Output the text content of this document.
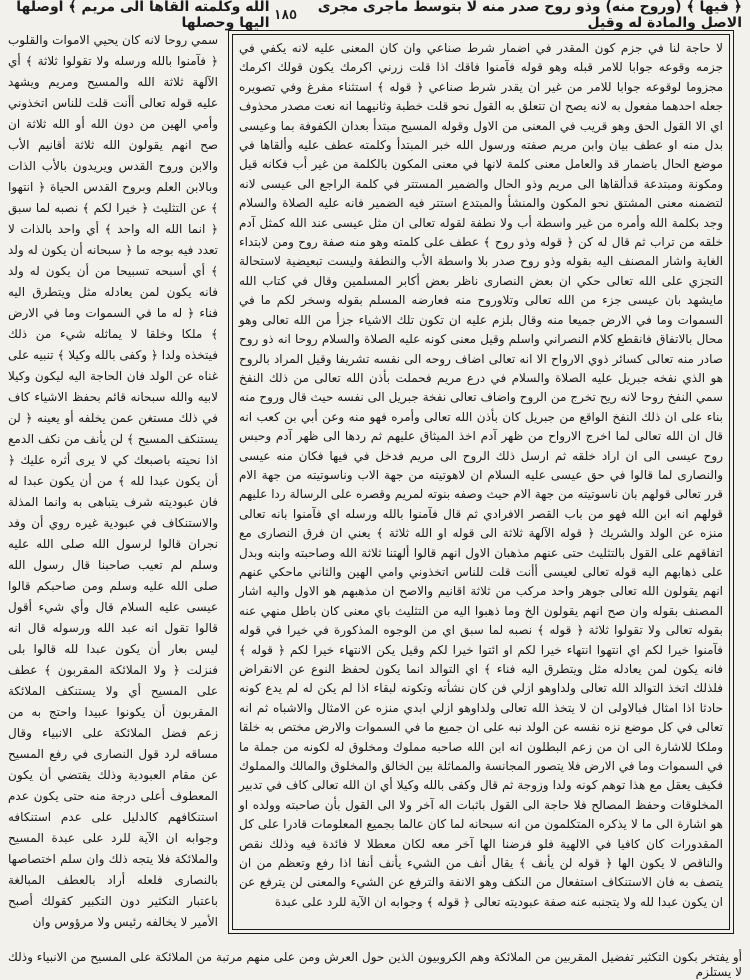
﴿ فيها ﴾ (وروح منه) وذو روح صدر منه لا بتوسط ماجرى مجرى الاصل والمادة له وقيل
١٨٥
الله وكلمته ألقاها الى مريم ﴾ أوصلها اليها وحصلها

سمي روحا لانه كان يحيي الاموات والقلوب ﴿ فآمنوا بالله ورسله ولا تقولوا ثلاثة ﴾ أي الآلهة ثلاثة الله والمسيح ومريم ويشهد عليه قوله تعالى أأنت قلت للناس اتخذوني وأمي الهين من دون الله أو الله ثلاثة ان صح انهم يقولون الله ثلاثة أقانيم الأب والابن وروح القدس ويريدون بالأب الذات وبالابن العلم وبروح القدس الحياة ﴿ انتهوا ﴾ عن التثليث ﴿ خيرا لكم ﴾ نصبه لما سبق ﴿ انما الله اله واحد ﴾ أي واحد بالذات لا تعدد فيه بوجه ما ﴿ سبحانه أن يكون له ولد ﴾ أي أسبحه تسبيحا من أن يكون له ولد فانه يكون لمن يعادله مثل ويتطرق اليه فناء ﴿ له ما في السموات وما في الارض ﴾ ملكا وخلقا لا يماثله شيء من ذلك فيتخذه ولدا ﴿ وكفى بالله وكيلا ﴾ تنبيه على غناه عن الولد فان الحاجة اليه ليكون وكيلا لابيه والله سبحانه قائم بحفظ الاشياء كاف في ذلك مستغن عمن يخلفه أو يعينه ﴿ لن يستنكف المسيح ﴾ لن يأنف من نكف الدمع اذا نحيته باصبعك كي لا يرى أثره عليك ﴿ أن يكون عبدا لله ﴾ من أن يكون عبدا له فان عبوديته شرف يتباهى به وانما المذلة والاستنكاف في عبودية غيره روي أن وفد نجران قالوا لرسول الله صلى الله عليه وسلم لم تعيب صاحبنا قال رسول الله صلى الله عليه وسلم ومن صاحبكم قالوا عيسى عليه السلام قال وأي شيء أقول قالوا تقول انه عبد الله ورسوله قال انه ليس بعار أن يكون عبدا لله قالوا بلى فنزلت ﴿ ولا الملائكة المقربون ﴾ عطف على المسيح أي ولا يستنكف الملائكة المقربون أن يكونوا عبيدا واحتج به من زعم فضل الملائكة على الانبياء وقال مساقه لرد قول النصارى في رفع المسيح عن مقام العبودية وذلك يقتضي أن يكون المعطوف أعلى درجة منه حتى يكون عدم استنكافهم كالدليل على عدم استنكافه وجوابه ان الآية للرد على عبدة المسيح والملائكة فلا يتجه ذلك وان سلم اختصاصها بالنصارى فلعله أراد بالعطف المبالغة باعتبار التكثير دون التكبير كقولك أصبح الأمير لا يخالفه رئيس ولا مرؤوس وان

لا حاجة لنا في جزم كون المقدر في اضمار شرط صناعي وان كان المعنى عليه لانه يكفي في جزمه وقوعه جوابا للامر قبله وهو قوله فآمنوا فاقك اذا قلت زرني اكرمك يكون قولك اكرمك مجزوما لوقوعه جوابا للامر من غير ان يقدر شرط صناعي ﴿ قوله ﴾ استثناء مفرغ وفي تصويره جعله احدهما مفعول به لانه يصح ان تتعلق به القول نحو قلت خطبة وثانيهما انه نعت مصدر محذوف اي الا القول الحق وهو قريب في المعنى من الاول وقوله المسيح مبتدأ بعدان الكفوفة بما وعيسى بدل منه او عطف بيان وابن مريم صفته ورسول الله خبر المبتدأ وكلمته عطف عليه وألقاها في موضع الحال باضمار قد والعامل معنى كلمة لانها في معنى المكون بالكلمة من غير أب فكانه قيل ومكونة ومبتدعة قدألقاها الى مريم وذو الحال والضمير المستتر في كلمة الراجع الى عيسى لانه لتضمنه معنى المشتق نحو المكون والمنشأ والمبتدع استتر فيه الضمير فانه عليه الصلاة والسلام وجد بكلمة الله وأمره من غير واسطة أب ولا نطفة لقوله تعالى ان مثل عيسى عند الله كمثل آدم خلقه من تراب ثم قال له كن ﴿ قوله وذو روح ﴾ عطف على كلمته وهو منه صفة روح ومن لابتداء الغاية واشار المصنف اليه بقوله وذو روح صدر بلا واسطة الأب والنطفة وليست تبعيضية لاستحالة التجزي على الله تعالى حكي ان بعض النصارى ناظر بعض أكابر المسلمين وقال في كتاب الله مايشهد بان عيسى جزء من الله تعالى وتلاوروح منه فعارضه المسلم بقوله وسخر لكم ما في السموات وما في الارض جميعا منه وقال بلزم عليه ان تكون تلك الاشياء جزأ من الله تعالى وهو محال بالاتفاق فانقطع كلام النصراني واسلم وقيل معنى كونه عليه الصلاة والسلام روحا انه ذو روح صادر منه تعالى كسائر ذوي الارواح الا انه تعالى اضاف روحه الى نفسه تشريفا وقيل المراد بالروح هو الذي نفخه جبريل عليه الصلاة والسلام في درع مريم فحملت بأذن الله تعالى من ذلك النفخ سمي النفخ روحا لانه ريح تخرج من الروح واضاف تعالى نفخة جبريل الى نفسه حيث قال وروح منه بناء على ان ذلك النفخ الواقع من جبريل كان بأذن الله تعالى وأمره فهو منه وعن أبي بن كعب انه قال ان الله تعالى لما اخرج الارواح من ظهر آدم اخذ الميثاق عليهم ثم ردها الى ظهر آدم وحبس روح عيسى الى ان اراد خلقه ثم ارسل ذلك الروح الى مريم فدخل في فيها فكان منه عيسى والنصارى لما قالوا في حق عيسى عليه السلام ان لاهوتيته من جهة الاب وناسوتيته من جهة الام قرر تعالى قولهم بان ناسوتيته من جهة الام حيث وصفه بنوته لمريم وقصره على الرسالة ردا عليهم قولهم انه ابن الله فهو من باب القصر الافرادي ثم قال فآمنوا بالله ورسله اي فآمنوا بانه تعالى منزه عن الولد والشريك ﴿ قوله الآلهة ثلاثة الى قوله او الله ثلاثة ﴾ يعني ان فرق النصارى مع اتفاقهم على القول بالتثليث حتى عنهم مذهبان الاول انهم قالوا ألهتنا ثلاثة الله وصاحبته وابنه وبدل على ذهابهم اليه قوله تعالى لعيسى أأنت قلت للناس اتخذوني وامي الهين والثاني ماحكي عنهم انهم يقولون الله تعالى جوهر واحد مركب من ثلاثة اقانيم والاصح ان مذهبهم هو الاول واليه اشار المصنف بقوله وان صح انهم يقولون الخ وما ذهبوا اليه من التثليث باي معنى كان باطل منهي عنه بقوله تعالى ولا تقولوا ثلاثة ﴿ قوله ﴾ نصبه لما سبق اي من الوجوه المذكورة في خيرا في قوله فآمنوا خيرا لكم اي انتهوا انتهاء خيرا لكم او ائتوا خيرا لكم وقيل يكن الانتهاء خيرا لكم ﴿ قوله ﴾ فانه يكون لمن يعادله مثل ويتطرق اليه فناء ﴾ اي التوالد انما يكون لحفظ النوع عن الانقراض فلذلك اتخذ التوالد الله تعالى ولداوهو ازلي فن كان نشأته وتكونه لبقاء اذا لم يكن له لم يدع كونه حادثا اذا امثال فبالاولى ان لا يتخذ الله تعالى ولداوهو ازلي ابدي منزه عن الامثال والاشباه ثم انه تعالى في كل موضع نزه نفسه عن الولد نبه على ان جميع ما في السموات والارض مختص به خلقا وملكا للاشارة الى ان من زعم البطلون انه ابن الله صاحبه مملوك ومخلوق له لكونه من جملة ما في السموات وما في الارض فلا يتصور المجانسة والمماثلة بين الخالق والمخلوق والمالك والمملوك فكيف يعقل مع هذا توهم كونه ولدا وزوجة ثم قال وكفى بالله وكيلا أي ان الله تعالى كاف في تدبير المخلوقات وحفظ المصالح فلا حاجة الى القول باثبات اله آخر ولا الى القول بأن صاحبته وولده او هو اشارة الى ما لا يذكره المتكلمون من انه سبحانه لما كان عالما بجميع المعلومات قادرا على كل المقدورات كان كافيا في الالهية فلو فرضنا الها آخر معه لكان معطلا لا فائدة فيه وذلك نقص والناقص لا يكون الها ﴿ قوله لن يأنف ﴾ يقال أنف من الشيء يأنف أنفا اذا رفع وتعظم من ان يتصف به فان الاستنكاف استفعال من النكف وهو الانفة والترفع عن الشيء والمعنى لن يترفع عن ان يكون عبدا لله ولا يتجنبه عنه صفة عبوديته تعالى ﴿ قوله ﴾ وجوابه ان الآية للرد على عبدة

أو يفتخر بكون التكثير تفضيل المقربين من الملائكة وهم الكروبيون الذين حول العرش ومن على منهم مرتبة من الملائكة على المسيح من الانبياء وذلك لا يستلزم
